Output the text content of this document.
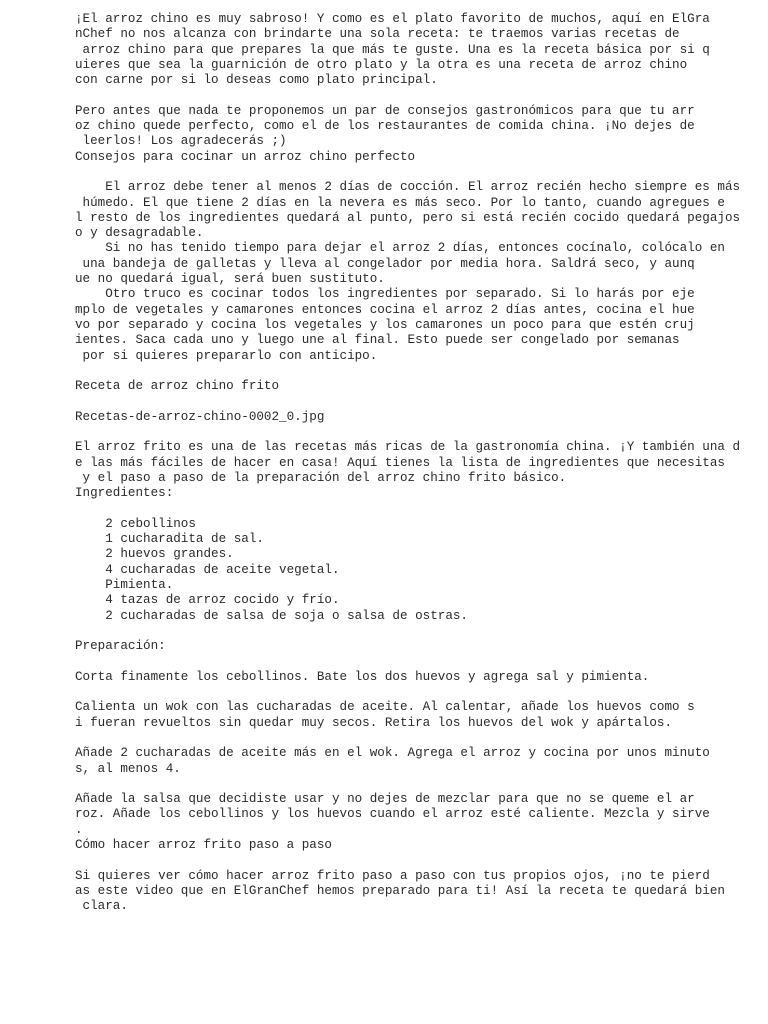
¡El arroz chino es muy sabroso! Y como es el plato favorito de muchos, aquí en ElGra
nChef no nos alcanza con brindarte una sola receta: te traemos varias recetas de
arroz chino para que prepares la que más te guste. Una es la receta básica por si q
uieres que sea la guarnición de otro plato y la otra es una receta de arroz chino
con carne por si lo deseas como plato principal.
Pero antes que nada te proponemos un par de consejos gastronómicos para que tu arr
oz chino quede perfecto, como el de los restaurantes de comida china. ¡No dejes de
leerlos! Los agradecerás ;)
Consejos para cocinar un arroz chino perfecto
El arroz debe tener al menos 2 días de cocción. El arroz recién hecho siempre es más
húmedo. El que tiene 2 días en la nevera es más seco. Por lo tanto, cuando agregues e
l resto de los ingredientes quedará al punto, pero si está recién cocido quedará pegajos
o y desagradable.
Si no has tenido tiempo para dejar el arroz 2 días, entonces cocínalo, colócalo en
una bandeja de galletas y lleva al congelador por media hora. Saldrá seco, y aunq
ue no quedará igual, será buen sustituto.
Otro truco es cocinar todos los ingredientes por separado. Si lo harás por eje
mplo de vegetales y camarones entonces cocina el arroz 2 días antes, cocina el hue
vo por separado y cocina los vegetales y los camarones un poco para que estén cruj
ientes. Saca cada uno y luego une al final. Esto puede ser congelado por semanas
por si quieres prepararlo con anticipo.
Receta de arroz chino frito
Recetas-de-arroz-chino-0002_0.jpg
El arroz frito es una de las recetas más ricas de la gastronomía china. ¡Y también una d
e las más fáciles de hacer en casa! Aquí tienes la lista de ingredientes que necesitas
y el paso a paso de la preparación del arroz chino frito básico.
Ingredientes:
2 cebollinos
1 cucharadita de sal.
2 huevos grandes.
4 cucharadas de aceite vegetal.
Pimienta.
4 tazas de arroz cocido y frío.
2 cucharadas de salsa de soja o salsa de ostras.
Preparación:
Corta finamente los cebollinos. Bate los dos huevos y agrega sal y pimienta.
Calienta un wok con las cucharadas de aceite. Al calentar, añade los huevos como s
i fueran revueltos sin quedar muy secos. Retira los huevos del wok y apártalos.
Añade 2 cucharadas de aceite más en el wok. Agrega el arroz y cocina por unos minuto
s, al menos 4.
Añade la salsa que decidiste usar y no dejes de mezclar para que no se queme el ar
roz. Añade los cebollinos y los huevos cuando el arroz esté caliente. Mezcla y sirve
.
Cómo hacer arroz frito paso a paso
Si quieres ver cómo hacer arroz frito paso a paso con tus propios ojos, ¡no te pierd
as este video que en ElGranChef hemos preparado para ti! Así la receta te quedará bien
clara.
